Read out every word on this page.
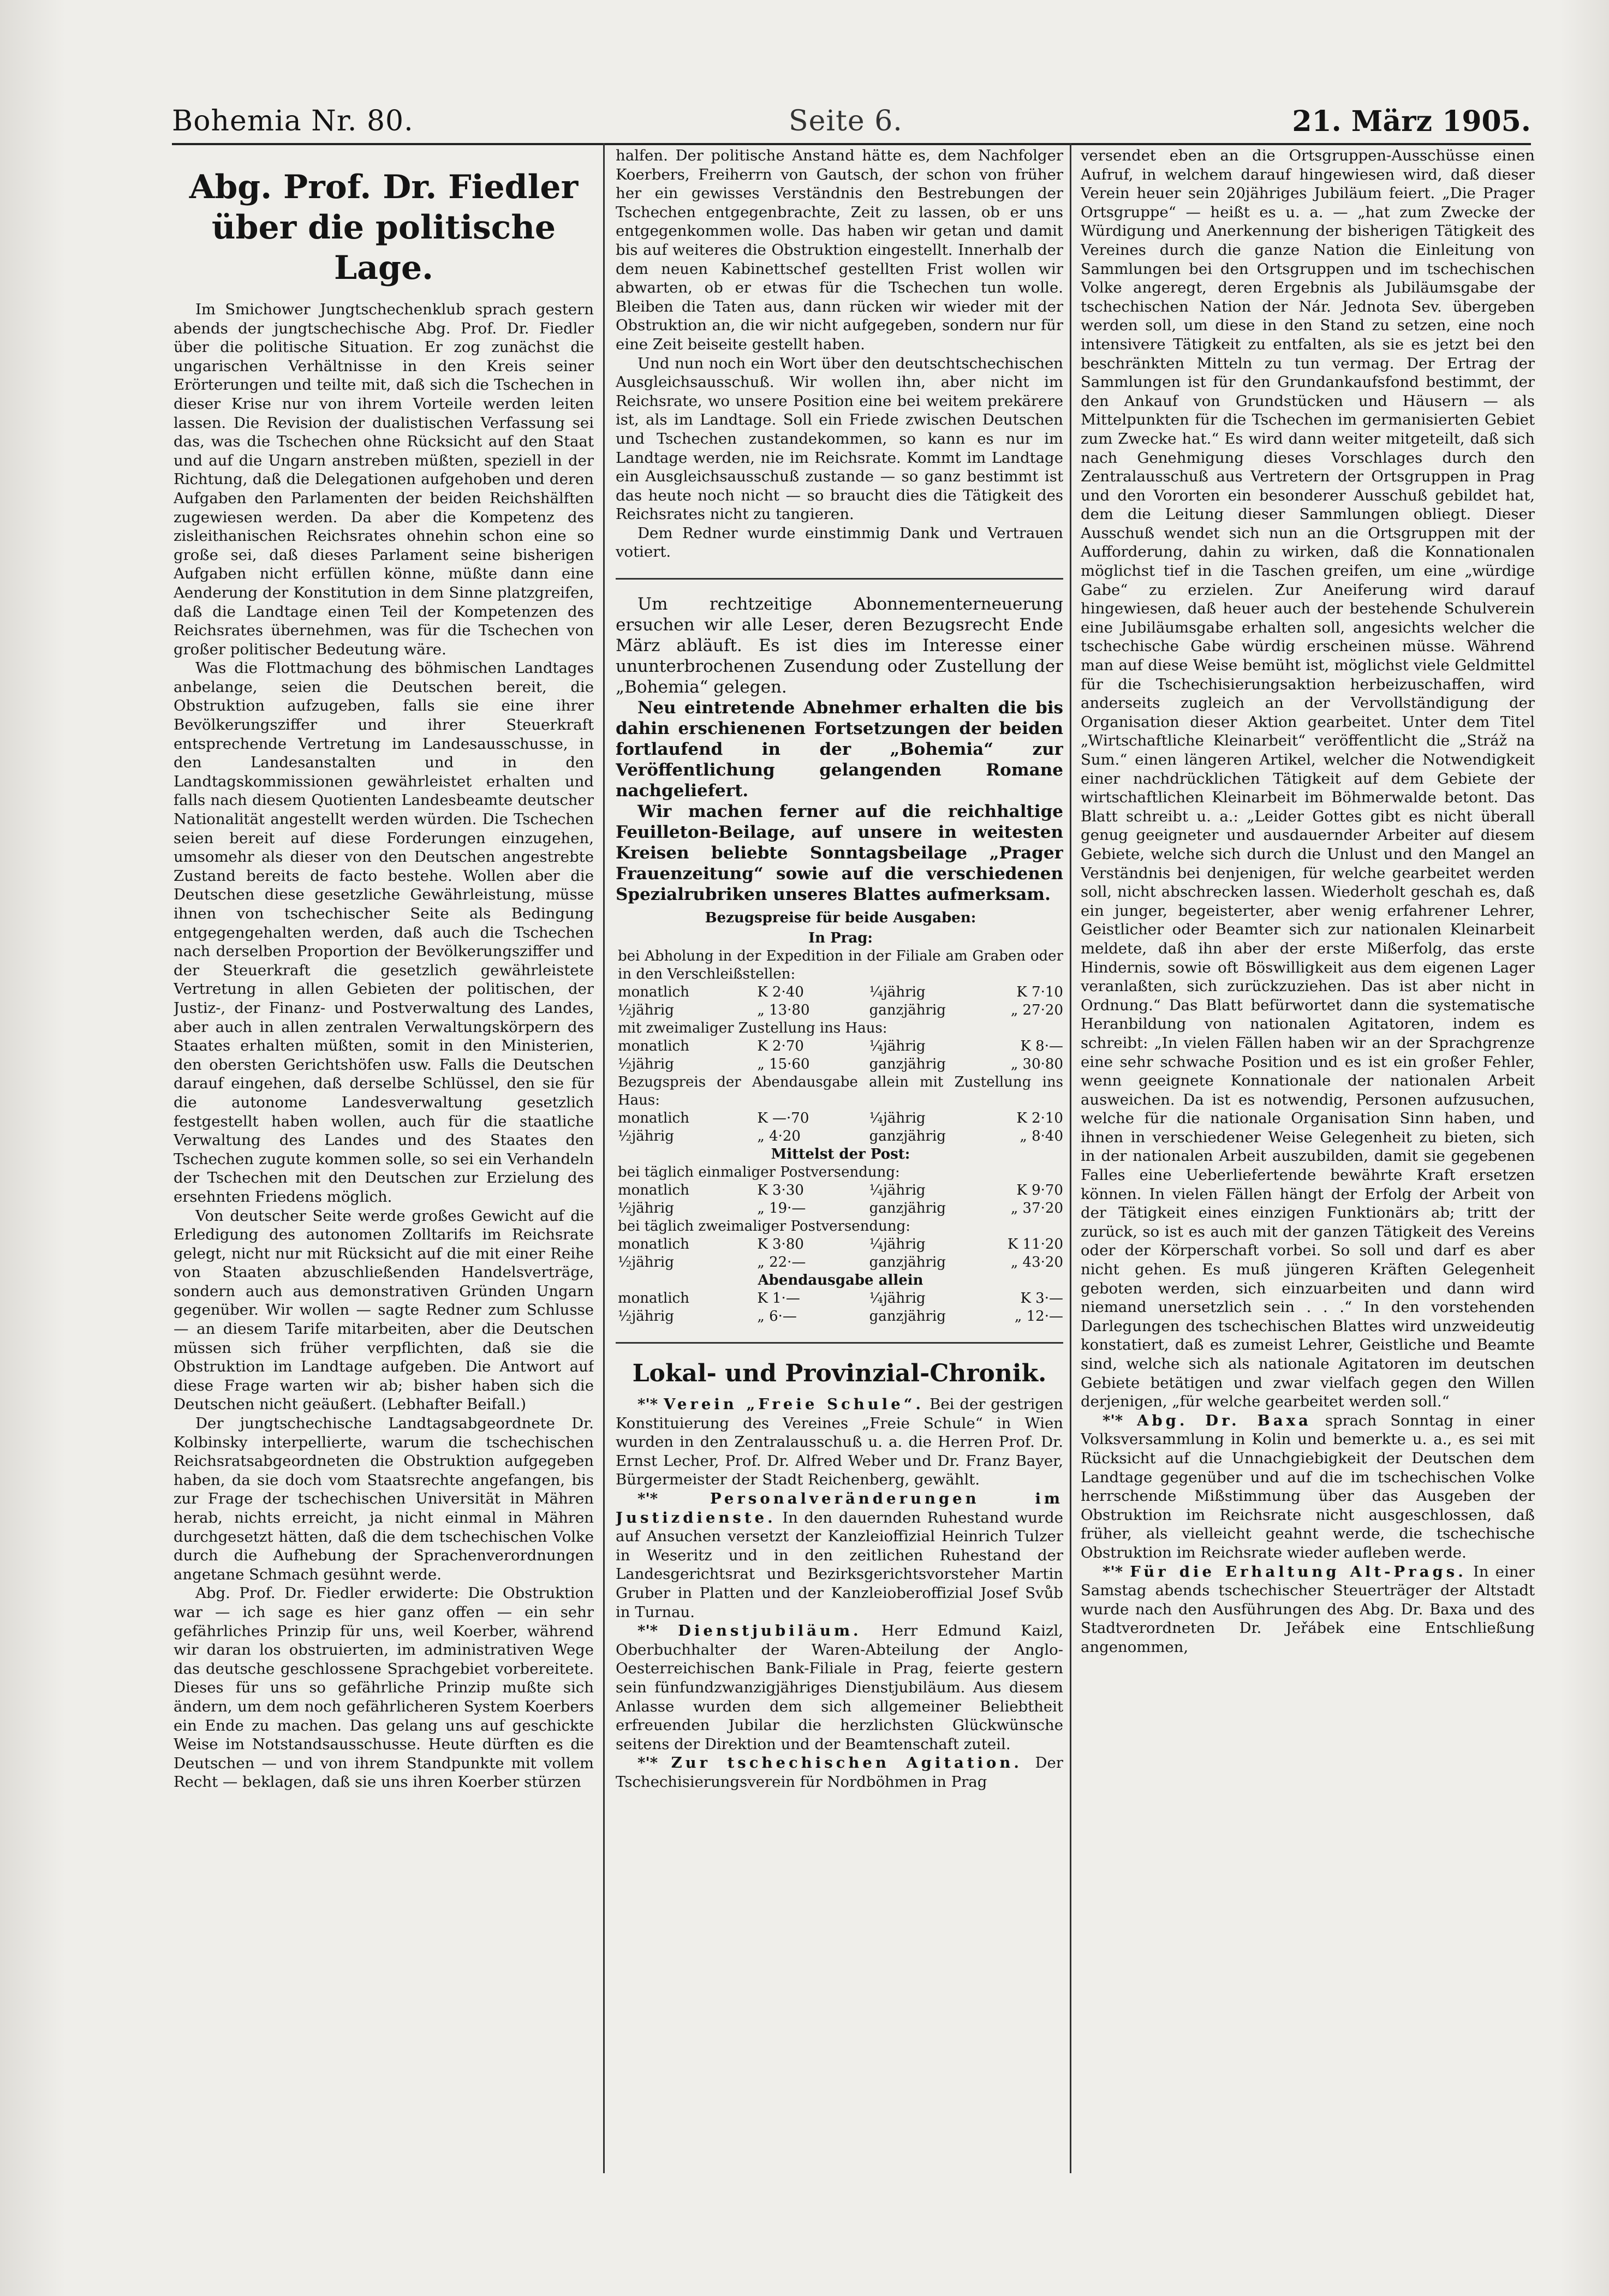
Bohemia Nr. 80.	Seite 6.	21. März 1905.
Abg. Prof. Dr. Fiedler über die politische Lage.

Im Smichower Jungtschechenklub sprach gestern abends der jungtschechische Abg. Prof. Dr. Fiedler über die politische Situation. Er zog zunächst die ungarischen Verhältnisse in den Kreis seiner Erörterungen und teilte mit, daß sich die Tschechen in dieser Krise nur von ihrem Vorteile werden leiten lassen. Die Revision der dualistischen Verfassung sei das, was die Tschechen ohne Rücksicht auf den Staat und auf die Ungarn anstreben müßten, speziell in der Richtung, daß die Delegationen aufgehoben und deren Aufgaben den Parlamenten der beiden Reichshälften zugewiesen werden. Da aber die Kompetenz des zisleithanischen Reichsrates ohnehin schon eine so große sei, daß dieses Parlament seine bisherigen Aufgaben nicht erfüllen könne, müßte dann eine Aenderung der Konstitution in dem Sinne platzgreifen, daß die Landtage einen Teil der Kompetenzen des Reichsrates übernehmen, was für die Tschechen von großer politischer Bedeutung wäre.

Was die Flottmachung des böhmischen Landtages anbelange, seien die Deutschen bereit, die Obstruktion aufzugeben, falls sie eine ihrer Bevölkerungsziffer und ihrer Steuerkraft entsprechende Vertretung im Landesausschusse, in den Landesanstalten und in den Landtagskommissionen gewährleistet erhalten und falls nach diesem Quotienten Landesbeamte deutscher Nationalität angestellt werden würden. Die Tschechen seien bereit auf diese Forderungen einzugehen, umsomehr als dieser von den Deutschen angestrebte Zustand bereits de facto bestehe. Wollen aber die Deutschen diese gesetzliche Gewährleistung, müsse ihnen von tschechischer Seite als Bedingung entgegengehalten werden, daß auch die Tschechen nach derselben Proportion der Bevölkerungsziffer und der Steuerkraft die gesetzlich gewährleistete Vertretung in allen Gebieten der politischen, der Justiz-, der Finanz- und Postverwaltung des Landes, aber auch in allen zentralen Verwaltungskörpern des Staates erhalten müßten, somit in den Ministerien, den obersten Gerichtshöfen usw. Falls die Deutschen darauf eingehen, daß derselbe Schlüssel, den sie für die autonome Landesverwaltung gesetzlich festgestellt haben wollen, auch für die staatliche Verwaltung des Landes und des Staates den Tschechen zugute kommen solle, so sei ein Verhandeln der Tschechen mit den Deutschen zur Erzielung des ersehnten Friedens möglich.

Von deutscher Seite werde großes Gewicht auf die Erledigung des autonomen Zolltarifs im Reichsrate gelegt, nicht nur mit Rücksicht auf die mit einer Reihe von Staaten abzuschließenden Handelsverträge, sondern auch aus demonstrativen Gründen Ungarn gegenüber. Wir wollen — sagte Redner zum Schlusse — an diesem Tarife mitarbeiten, aber die Deutschen müssen sich früher verpflichten, daß sie die Obstruktion im Landtage aufgeben. Die Antwort auf diese Frage warten wir ab; bisher haben sich die Deutschen nicht geäußert. (Lebhafter Beifall.)

Der jungtschechische Landtagsabgeordnete Dr. Kolbinsky interpellierte, warum die tschechischen Reichsratsabgeordneten die Obstruktion aufgegeben haben, da sie doch vom Staatsrechte angefangen, bis zur Frage der tschechischen Universität in Mähren herab, nichts erreicht, ja nicht einmal in Mähren durchgesetzt hätten, daß die dem tschechischen Volke durch die Aufhebung der Sprachenverordnungen angetane Schmach gesühnt werde.

Abg. Prof. Dr. Fiedler erwiderte: Die Obstruktion war — ich sage es hier ganz offen — ein sehr gefährliches Prinzip für uns, weil Koerber, während wir daran los obstruierten, im administrativen Wege das deutsche geschlossene Sprachgebiet vorbereitete. Dieses für uns so gefährliche Prinzip mußte sich ändern, um dem noch gefährlicheren System Koerbers ein Ende zu machen. Das gelang uns auf geschickte Weise im Notstandsausschusse. Heute dürften es die Deutschen — und von ihrem Standpunkte mit vollem Recht — beklagen, daß sie uns ihren Koerber stürzen

halfen. Der politische Anstand hätte es, dem Nachfolger Koerbers, Freiherrn von Gautsch, der schon von früher her ein gewisses Verständnis den Bestrebungen der Tschechen entgegenbrachte, Zeit zu lassen, ob er uns entgegenkommen wolle. Das haben wir getan und damit bis auf weiteres die Obstruktion eingestellt. Innerhalb der dem neuen Kabinettschef gestellten Frist wollen wir abwarten, ob er etwas für die Tschechen tun wolle. Bleiben die Taten aus, dann rücken wir wieder mit der Obstruktion an, die wir nicht aufgegeben, sondern nur für eine Zeit beiseite gestellt haben.

Und nun noch ein Wort über den deutschtschechischen Ausgleichsausschuß. Wir wollen ihn, aber nicht im Reichsrate, wo unsere Position eine bei weitem prekärere ist, als im Landtage. Soll ein Friede zwischen Deutschen und Tschechen zustandekommen, so kann es nur im Landtage werden, nie im Reichsrate. Kommt im Landtage ein Ausgleichsausschuß zustande — so ganz bestimmt ist das heute noch nicht — so braucht dies die Tätigkeit des Reichsrates nicht zu tangieren.

Dem Redner wurde einstimmig Dank und Vertrauen votiert.

Um rechtzeitige Abonnementerneuerung ersuchen wir alle Leser, deren Bezugsrecht Ende März abläuft. Es ist dies im Interesse einer ununterbrochenen Zusendung oder Zustellung der „Bohemia“ gelegen.

Neu eintretende Abnehmer erhalten die bis dahin erschienenen Fortsetzungen der beiden fortlaufend in der „Bohemia“ zur Veröffentlichung gelangenden Romane nachgeliefert.

Wir machen ferner auf die reichhaltige Feuilleton-Beilage, auf unsere in weitesten Kreisen beliebte Sonntagsbeilage „Prager Frauenzeitung“ sowie auf die verschiedenen Spezialrubriken unseres Blattes aufmerksam.

Bezugspreise für beide Ausgaben:
In Prag:
bei Abholung in der Expedition in der Filiale am Graben oder in den Verschleißstellen:
monatlich	K 2·40	¼jährig	K 7·10
½jährig	„ 13·80	ganzjährig	„ 27·20
mit zweimaliger Zustellung ins Haus:
monatlich	K 2·70	¼jährig	K 8·—
½jährig	„ 15·60	ganzjährig	„ 30·80
Bezugspreis der Abendausgabe allein mit Zustellung ins Haus:
monatlich	K —·70	¼jährig	K 2·10
½jährig	„ 4·20	ganzjährig	„ 8·40
Mittelst der Post:
bei täglich einmaliger Postversendung:
monatlich	K 3·30	¼jährig	K 9·70
½jährig	„ 19·—	ganzjährig	„ 37·20
bei täglich zweimaliger Postversendung:
monatlich	K 3·80	¼jährig	K 11·20
½jährig	„ 22·—	ganzjährig	„ 43·20
Abendausgabe allein
monatlich	K 1·—	¼jährig	K 3·—
½jährig	„ 6·—	ganzjährig	„ 12·—
Lokal- und Provinzial-Chronik.

*'* Verein „Freie Schule“. Bei der gestrigen Konstituierung des Vereines „Freie Schule“ in Wien wurden in den Zentralausschuß u. a. die Herren Prof. Dr. Ernst Lecher, Prof. Dr. Alfred Weber und Dr. Franz Bayer, Bürgermeister der Stadt Reichenberg, gewählt.

*'* Personalveränderungen im Justizdienste. In den dauernden Ruhestand wurde auf Ansuchen versetzt der Kanzleioffizial Heinrich Tulzer in Weseritz und in den zeitlichen Ruhestand der Landesgerichtsrat und Bezirksgerichtsvorsteher Martin Gruber in Platten und der Kanzleioberoffizial Josef Svůb in Turnau.

*'* Dienstjubiläum. Herr Edmund Kaizl, Oberbuchhalter der Waren-Abteilung der Anglo-Oesterreichischen Bank-Filiale in Prag, feierte gestern sein fünfundzwanzigjähriges Dienstjubiläum. Aus diesem Anlasse wurden dem sich allgemeiner Beliebtheit erfreuenden Jubilar die herzlichsten Glückwünsche seitens der Direktion und der Beamtenschaft zuteil.

*'* Zur tschechischen Agitation. Der Tschechisierungsverein für Nordböhmen in Prag

versendet eben an die Ortsgruppen-Ausschüsse einen Aufruf, in welchem darauf hingewiesen wird, daß dieser Verein heuer sein 20jähriges Jubiläum feiert. „Die Prager Ortsgruppe“ — heißt es u. a. — „hat zum Zwecke der Würdigung und Anerkennung der bisherigen Tätigkeit des Vereines durch die ganze Nation die Einleitung von Sammlungen bei den Ortsgruppen und im tschechischen Volke angeregt, deren Ergebnis als Jubiläumsgabe der tschechischen Nation der Nár. Jednota Sev. übergeben werden soll, um diese in den Stand zu setzen, eine noch intensivere Tätigkeit zu entfalten, als sie es jetzt bei den beschränkten Mitteln zu tun vermag. Der Ertrag der Sammlungen ist für den Grundankaufsfond bestimmt, der den Ankauf von Grundstücken und Häusern — als Mittelpunkten für die Tschechen im germanisierten Gebiet zum Zwecke hat.“ Es wird dann weiter mitgeteilt, daß sich nach Genehmigung dieses Vorschlages durch den Zentralausschuß aus Vertretern der Ortsgruppen in Prag und den Vororten ein besonderer Ausschuß gebildet hat, dem die Leitung dieser Sammlungen obliegt. Dieser Ausschuß wendet sich nun an die Ortsgruppen mit der Aufforderung, dahin zu wirken, daß die Konnationalen möglichst tief in die Taschen greifen, um eine „würdige Gabe“ zu erzielen. Zur Aneiferung wird darauf hingewiesen, daß heuer auch der bestehende Schulverein eine Jubiläumsgabe erhalten soll, angesichts welcher die tschechische Gabe würdig erscheinen müsse. Während man auf diese Weise bemüht ist, möglichst viele Geldmittel für die Tschechisierungsaktion herbeizuschaffen, wird anderseits zugleich an der Vervollständigung der Organisation dieser Aktion gearbeitet. Unter dem Titel „Wirtschaftliche Kleinarbeit“ veröffentlicht die „Stráž na Sum.“ einen längeren Artikel, welcher die Notwendigkeit einer nachdrücklichen Tätigkeit auf dem Gebiete der wirtschaftlichen Kleinarbeit im Böhmerwalde betont. Das Blatt schreibt u. a.: „Leider Gottes gibt es nicht überall genug geeigneter und ausdauernder Arbeiter auf diesem Gebiete, welche sich durch die Unlust und den Mangel an Verständnis bei denjenigen, für welche gearbeitet werden soll, nicht abschrecken lassen. Wiederholt geschah es, daß ein junger, begeisterter, aber wenig erfahrener Lehrer, Geistlicher oder Beamter sich zur nationalen Kleinarbeit meldete, daß ihn aber der erste Mißerfolg, das erste Hindernis, sowie oft Böswilligkeit aus dem eigenen Lager veranlaßten, sich zurückzuziehen. Das ist aber nicht in Ordnung.“ Das Blatt befürwortet dann die systematische Heranbildung von nationalen Agitatoren, indem es schreibt: „In vielen Fällen haben wir an der Sprachgrenze eine sehr schwache Position und es ist ein großer Fehler, wenn geeignete Konnationale der nationalen Arbeit ausweichen. Da ist es notwendig, Personen aufzusuchen, welche für die nationale Organisation Sinn haben, und ihnen in verschiedener Weise Gelegenheit zu bieten, sich in der nationalen Arbeit auszubilden, damit sie gegebenen Falles eine Ueberliefertende bewährte Kraft ersetzen können. In vielen Fällen hängt der Erfolg der Arbeit von der Tätigkeit eines einzigen Funktionärs ab; tritt der zurück, so ist es auch mit der ganzen Tätigkeit des Vereins oder der Körperschaft vorbei. So soll und darf es aber nicht gehen. Es muß jüngeren Kräften Gelegenheit geboten werden, sich einzuarbeiten und dann wird niemand unersetzlich sein . . .“ In den vorstehenden Darlegungen des tschechischen Blattes wird unzweideutig konstatiert, daß es zumeist Lehrer, Geistliche und Beamte sind, welche sich als nationale Agitatoren im deutschen Gebiete betätigen und zwar vielfach gegen den Willen derjenigen, „für welche gearbeitet werden soll.“

*'* Abg. Dr. Baxa sprach Sonntag in einer Volksversammlung in Kolin und bemerkte u. a., es sei mit Rücksicht auf die Unnachgiebigkeit der Deutschen dem Landtage gegenüber und auf die im tschechischen Volke herrschende Mißstimmung über das Ausgeben der Obstruktion im Reichsrate nicht ausgeschlossen, daß früher, als vielleicht geahnt werde, die tschechische Obstruktion im Reichsrate wieder aufleben werde.

*'* Für die Erhaltung Alt-Prags. In einer Samstag abends tschechischer Steuerträger der Altstadt wurde nach den Ausführungen des Abg. Dr. Baxa und des Stadtverordneten Dr. Jeřábek eine Entschließung angenommen,
